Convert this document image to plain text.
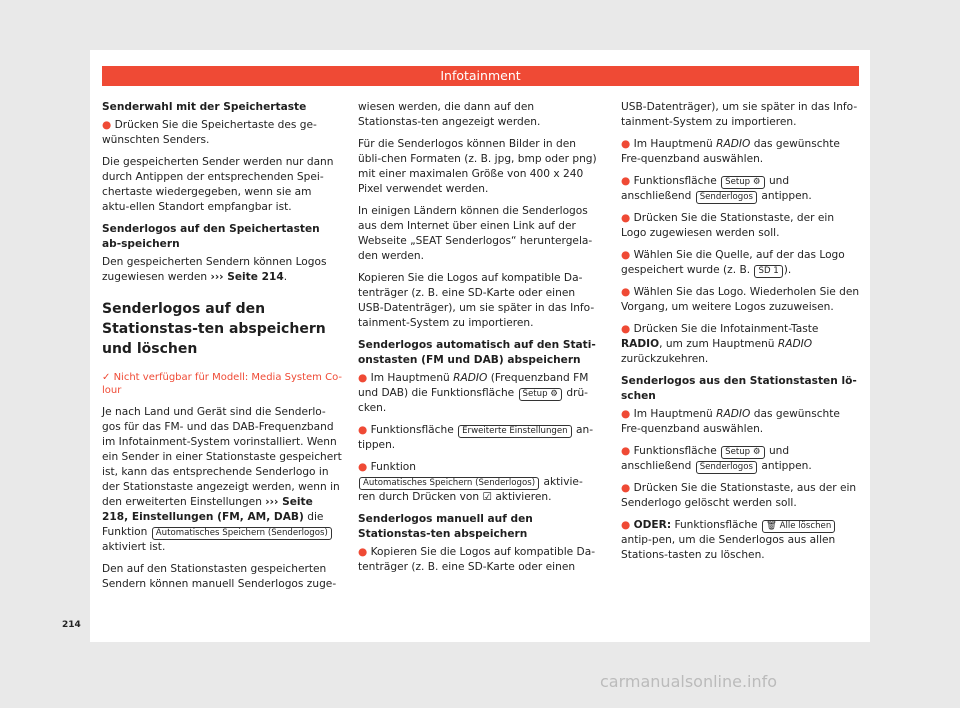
Infotainment

Senderwahl mit der Speichertaste

● Drücken Sie die Speichertaste des ge-wünschten Senders.

Die gespeicherten Sender werden nur dann durch Antippen der entsprechenden Spei-chertaste wiedergegeben, wenn sie am aktu-ellen Standort empfangbar ist.

Senderlogos auf den Speichertasten ab-speichern

Den gespeicherten Sendern können Logos zugewiesen werden ››› Seite 214.

Senderlogos auf den Stationstas-ten abspeichern und löschen
✓ Nicht verfügbar für Modell: Media System Co-lour

Je nach Land und Gerät sind die Senderlo-gos für das FM- und das DAB-Frequenzband im Infotainment-System vorinstalliert. Wenn ein Sender in einer Stationstaste gespeichert ist, kann das entsprechende Senderlogo in der Stationstaste angezeigt werden, wenn in den erweiterten Einstellungen ››› Seite 218, Einstellungen (FM, AM, DAB) die Funktion Automatisches Speichern (Senderlogos) aktiviert ist.

Den auf den Stationstasten gespeicherten Sendern können manuell Senderlogos zuge-

wiesen werden, die dann auf den Stationstas-ten angezeigt werden.

Für die Senderlogos können Bilder in den übli-chen Formaten (z. B. jpg, bmp oder png) mit einer maximalen Größe von 400 x 240 Pixel verwendet werden.

In einigen Ländern können die Senderlogos aus dem Internet über einen Link auf der Webseite „SEAT Senderlogos“ heruntergela-den werden.

Kopieren Sie die Logos auf kompatible Da-tenträger (z. B. eine SD-Karte oder einen USB-Datenträger), um sie später in das Info-tainment-System zu importieren.

Senderlogos automatisch auf den Stati-onstasten (FM und DAB) abspeichern

● Im Hauptmenü RADIO (Frequenzband FM und DAB) die Funktionsfläche Setup ⚙ drü-cken.

● Funktionsfläche Erweiterte Einstellungen an-tippen.

● Funktion Automatisches Speichern (Senderlogos) aktivie-ren durch Drücken von ☑ aktivieren.

Senderlogos manuell auf den Stationstas-ten abspeichern

● Kopieren Sie die Logos auf kompatible Da-tenträger (z. B. eine SD-Karte oder einen

USB-Datenträger), um sie später in das Info-tainment-System zu importieren.

● Im Hauptmenü RADIO das gewünschte Fre-quenzband auswählen.

● Funktionsfläche Setup ⚙ und anschließend Senderlogos antippen.

● Drücken Sie die Stationstaste, der ein Logo zugewiesen werden soll.

● Wählen Sie die Quelle, auf der das Logo gespeichert wurde (z. B. SD 1 ).

● Wählen Sie das Logo. Wiederholen Sie den Vorgang, um weitere Logos zuzuweisen.

● Drücken Sie die Infotainment-Taste RADIO, um zum Hauptmenü RADIO zurückzukehren.

Senderlogos aus den Stationstasten lö-schen

● Im Hauptmenü RADIO das gewünschte Fre-quenzband auswählen.

● Funktionsfläche Setup ⚙ und anschließend Senderlogos antippen.

● Drücken Sie die Stationstaste, aus der ein Senderlogo gelöscht werden soll.

● ODER: Funktionsfläche 🗑 Alle löschen antip-pen, um die Senderlogos aus allen Stations-tasten zu löschen.

214
carmanualsonline.info
